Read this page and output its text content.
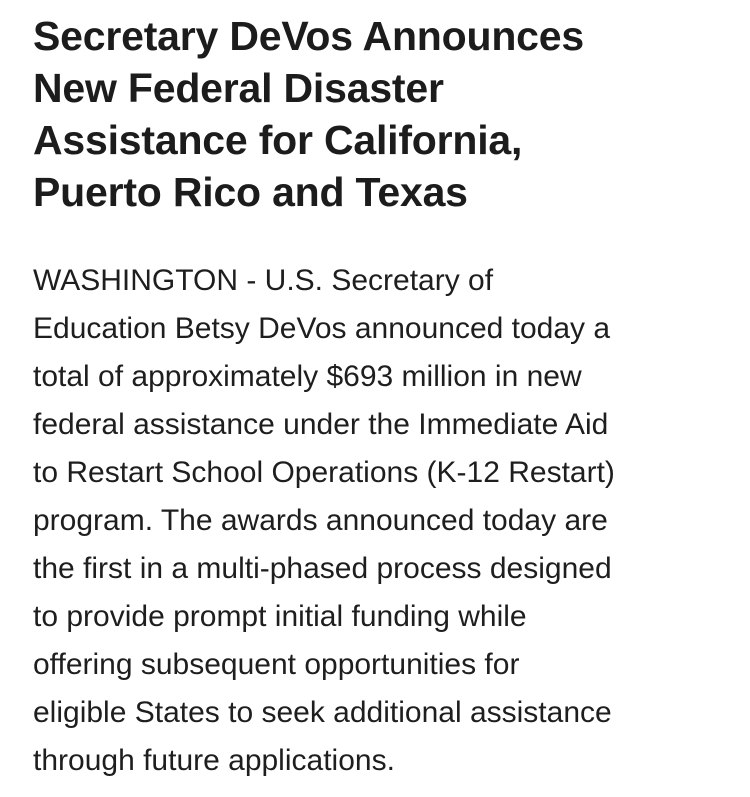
Secretary DeVos Announces
New Federal Disaster
Assistance for California,
Puerto Rico and Texas

WASHINGTON - U.S. Secretary of
Education Betsy DeVos announced today a
total of approximately $693 million in new
federal assistance under the Immediate Aid
to Restart School Operations (K-12 Restart)
program. The awards announced today are
the first in a multi-phased process designed
to provide prompt initial funding while
offering subsequent opportunities for
eligible States to seek additional assistance
through future applications.
